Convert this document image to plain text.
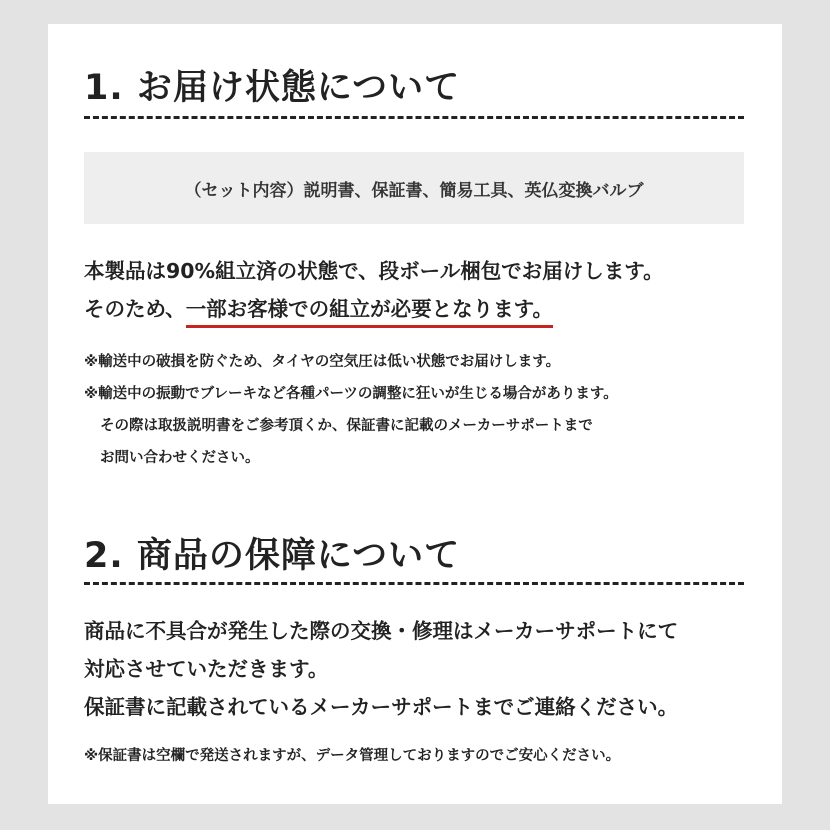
1. お届け状態について
（セット内容）説明書、保証書、簡易工具、英仏変換バルブ

本製品は90%組立済の状態で、段ボール梱包でお届けします。
そのため、一部お客様での組立が必要となります。

※輸送中の破損を防ぐため、タイヤの空気圧は低い状態でお届けします。
※輸送中の振動でブレーキなど各種パーツの調整に狂いが生じる場合があります。
その際は取扱説明書をご参考頂くか、保証書に記載のメーカーサポートまで
お問い合わせください。

2. 商品の保障について

商品に不具合が発生した際の交換・修理はメーカーサポートにて
対応させていただきます。
保証書に記載されているメーカーサポートまでご連絡ください。

※保証書は空欄で発送されますが、データ管理しておりますのでご安心ください。
